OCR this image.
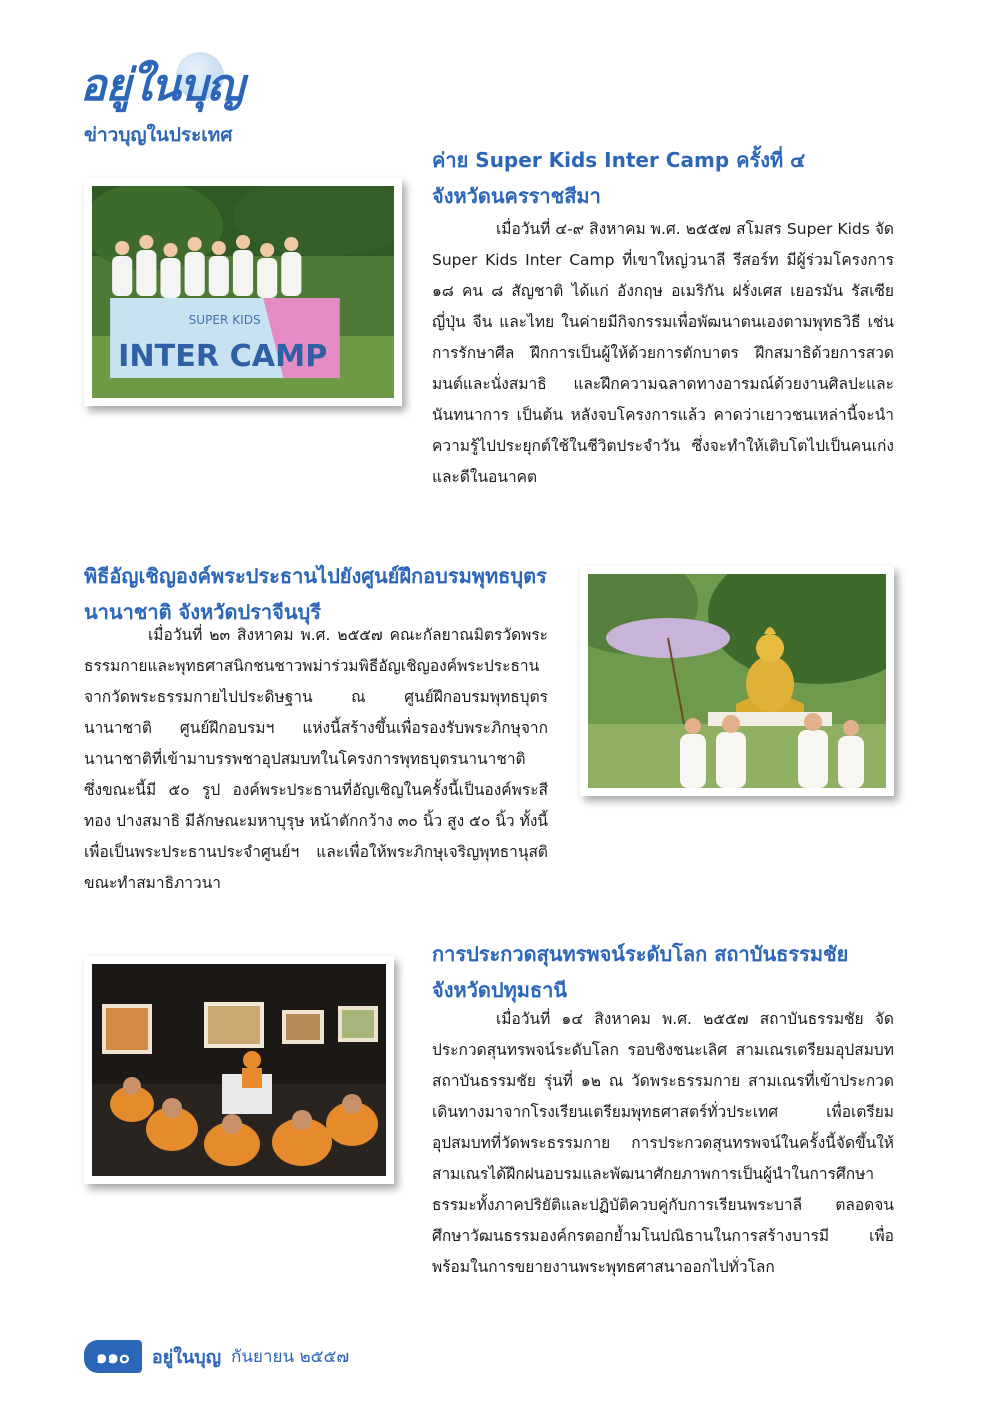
อยู่ในบุญ
ข่าวบุญในประเทศ
SUPER KIDS
INTER CAMP
ค่าย Super Kids Inter Camp ครั้งที่ ๔
จังหวัดนครราชสีมา

เมื่อวันที่ ๔-๙ สิงหาคม พ.ศ. ๒๕๕๗ สโมสร Super Kids จัด Super Kids Inter Camp ที่เขาใหญ่วนาลี รีสอร์ท มีผู้ร่วมโครงการ ๑๘ คน ๘ สัญชาติ ได้แก่ อังกฤษ อเมริกัน ฝรั่งเศส เยอรมัน รัสเซีย ญี่ปุ่น จีน และไทย ในค่ายมีกิจกรรมเพื่อพัฒนาตนเองตามพุทธวิธี เช่น การรักษาศีล ฝึกการเป็นผู้ให้ด้วยการตักบาตร ฝึกสมาธิด้วยการสวดมนต์และนั่งสมาธิ และฝึกความฉลาดทางอารมณ์ด้วยงานศิลปะและนันทนาการ เป็นต้น หลังจบโครงการแล้ว คาดว่าเยาวชนเหล่านี้จะนำความรู้ไปประยุกต์ใช้ในชีวิตประจำวัน ซึ่งจะทำให้เติบโตไปเป็นคนเก่งและดีในอนาคต

พิธีอัญเชิญองค์พระประธานไปยังศูนย์ฝึกอบรมพุทธบุตร
นานาชาติ จังหวัดปราจีนบุรี

เมื่อวันที่ ๒๓ สิงหาคม พ.ศ. ๒๕๕๗ คณะกัลยาณมิตรวัดพระธรรมกายและพุทธศาสนิกชนชาวพม่าร่วมพิธีอัญเชิญองค์พระประธานจากวัดพระธรรมกายไปประดิษฐาน ณ ศูนย์ฝึกอบรมพุทธบุตรนานาชาติ ศูนย์ฝึกอบรมฯ แห่งนี้สร้างขึ้นเพื่อรองรับพระภิกษุจากนานาชาติที่เข้ามาบรรพชาอุปสมบทในโครงการพุทธบุตรนานาชาติ ซึ่งขณะนี้มี ๕๐ รูป องค์พระประธานที่อัญเชิญในครั้งนี้เป็นองค์พระสีทอง ปางสมาธิ มีลักษณะมหาบุรุษ หน้าตักกว้าง ๓๐ นิ้ว สูง ๕๐ นิ้ว ทั้งนี้เพื่อเป็นพระประธานประจำศูนย์ฯ และเพื่อให้พระภิกษุเจริญพุทธานุสติขณะทำสมาธิภาวนา

การประกวดสุนทรพจน์ระดับโลก สถาบันธรรมชัย
จังหวัดปทุมธานี

เมื่อวันที่ ๑๔ สิงหาคม พ.ศ. ๒๕๕๗ สถาบันธรรมชัย จัดประกวดสุนทรพจน์ระดับโลก รอบชิงชนะเลิศ สามเณรเตรียมอุปสมบทสถาบันธรรมชัย รุ่นที่ ๑๒ ณ วัดพระธรรมกาย สามเณรที่เข้าประกวดเดินทางมาจากโรงเรียนเตรียมพุทธศาสตร์ทั่วประเทศ เพื่อเตรียมอุปสมบทที่วัดพระธรรมกาย การประกวดสุนทรพจน์ในครั้งนี้จัดขึ้นให้สามเณรได้ฝึกฝนอบรมและพัฒนาศักยภาพการเป็นผู้นำในการศึกษาธรรมะทั้งภาคปริยัติและปฏิบัติควบคู่กับการเรียนพระบาลี ตลอดจนศึกษาวัฒนธรรมองค์กรตอกย้ำมโนปณิธานในการสร้างบารมี เพื่อพร้อมในการขยายงานพระพุทธศาสนาออกไปทั่วโลก

๑๑๐	อยู่ในบุญ กันยายน ๒๕๕๗
